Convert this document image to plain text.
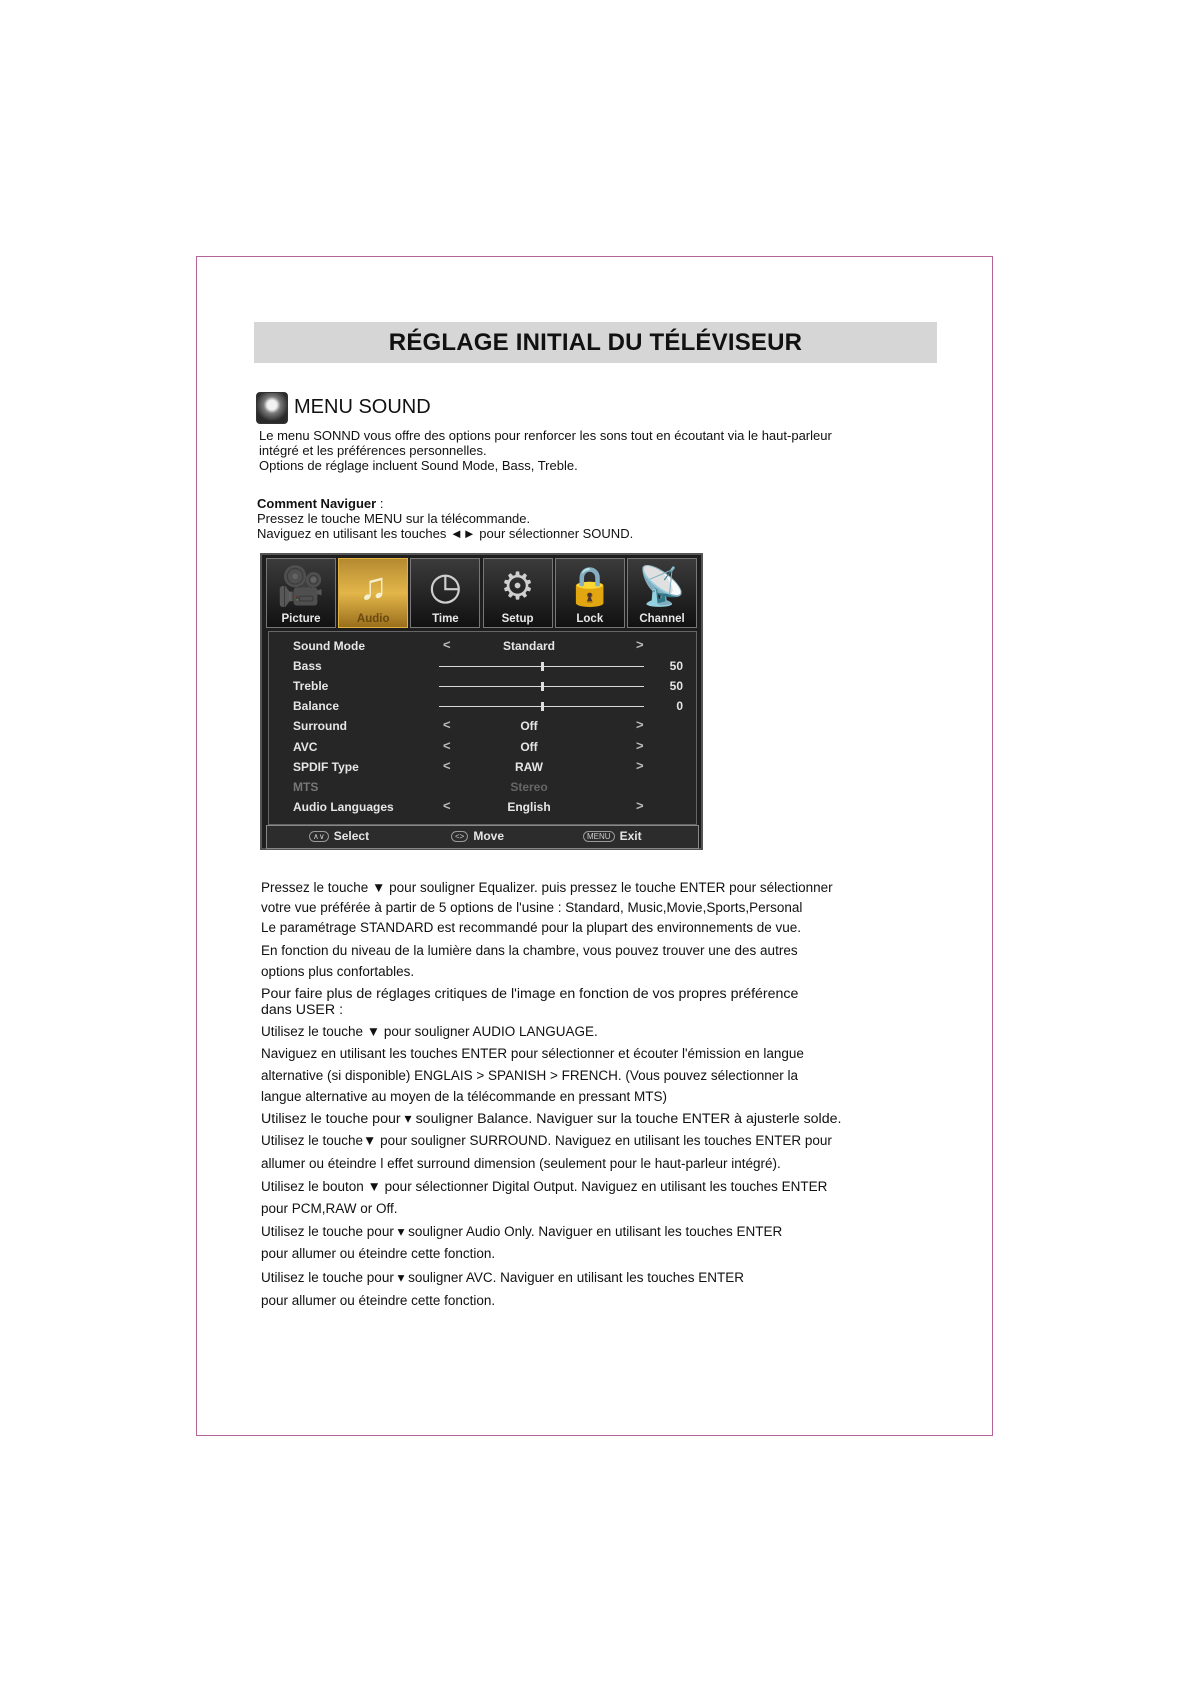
RÉGLAGE INITIAL DU TÉLÉVISEUR
MENU SOUND
Le menu SONND vous offre des options pour renforcer les sons tout en écoutant via le haut-parleur
intégré et les préférences personnelles.
Options de réglage incluent Sound Mode, Bass, Treble.
Comment Naviguer :
Pressez le touche MENU sur la télécommande.
Naviguez en utilisant les touches ◄► pour sélectionner SOUND.
🎥
Picture
♫
Audio
◷
Time
⚙
Setup
🔒
Lock
📡
Channel
Sound Mode	<	Standard	>
Bass	50
Treble	50
Balance	0
Surround	<	Off	>
AVC	<	Off	>
SPDIF Type	<	RAW	>
MTS	Stereo
Audio Languages	<	English	>
∧∨ Select	<> Move	MENU Exit
Pressez le touche ▼ pour souligner Equalizer. puis pressez le touche ENTER pour sélectionner
votre vue préférée à partir de 5 options de l'usine : Standard, Music,Movie,Sports,Personal
Le paramétrage STANDARD est recommandé pour la plupart des environnements de vue.
En fonction du niveau de la lumière dans la chambre, vous pouvez trouver une des autres
options plus confortables.
Pour faire plus de réglages critiques de l'image en fonction de vos propres préférence
dans USER :
Utilisez le touche ▼ pour souligner AUDIO LANGUAGE.
Naviguez en utilisant les touches ENTER pour sélectionner et écouter l'émission en langue
alternative (si disponible) ENGLAIS > SPANISH > FRENCH. (Vous pouvez sélectionner la
langue alternative au moyen de la télécommande en pressant MTS)
Utilisez le touche pour ▾ souligner Balance. Naviguer sur la touche ENTER à ajusterle solde.
Utilisez le touche▼ pour souligner SURROUND. Naviguez en utilisant les touches ENTER pour
allumer ou éteindre l effet surround dimension (seulement pour le haut-parleur intégré).
Utilisez le bouton ▼ pour sélectionner Digital Output. Naviguez en utilisant les touches ENTER
pour PCM,RAW or Off.
Utilisez le touche pour ▾ souligner Audio Only. Naviguer en utilisant les touches ENTER
pour allumer ou éteindre cette fonction.
Utilisez le touche pour ▾ souligner AVC. Naviguer en utilisant les touches ENTER
pour allumer ou éteindre cette fonction.
